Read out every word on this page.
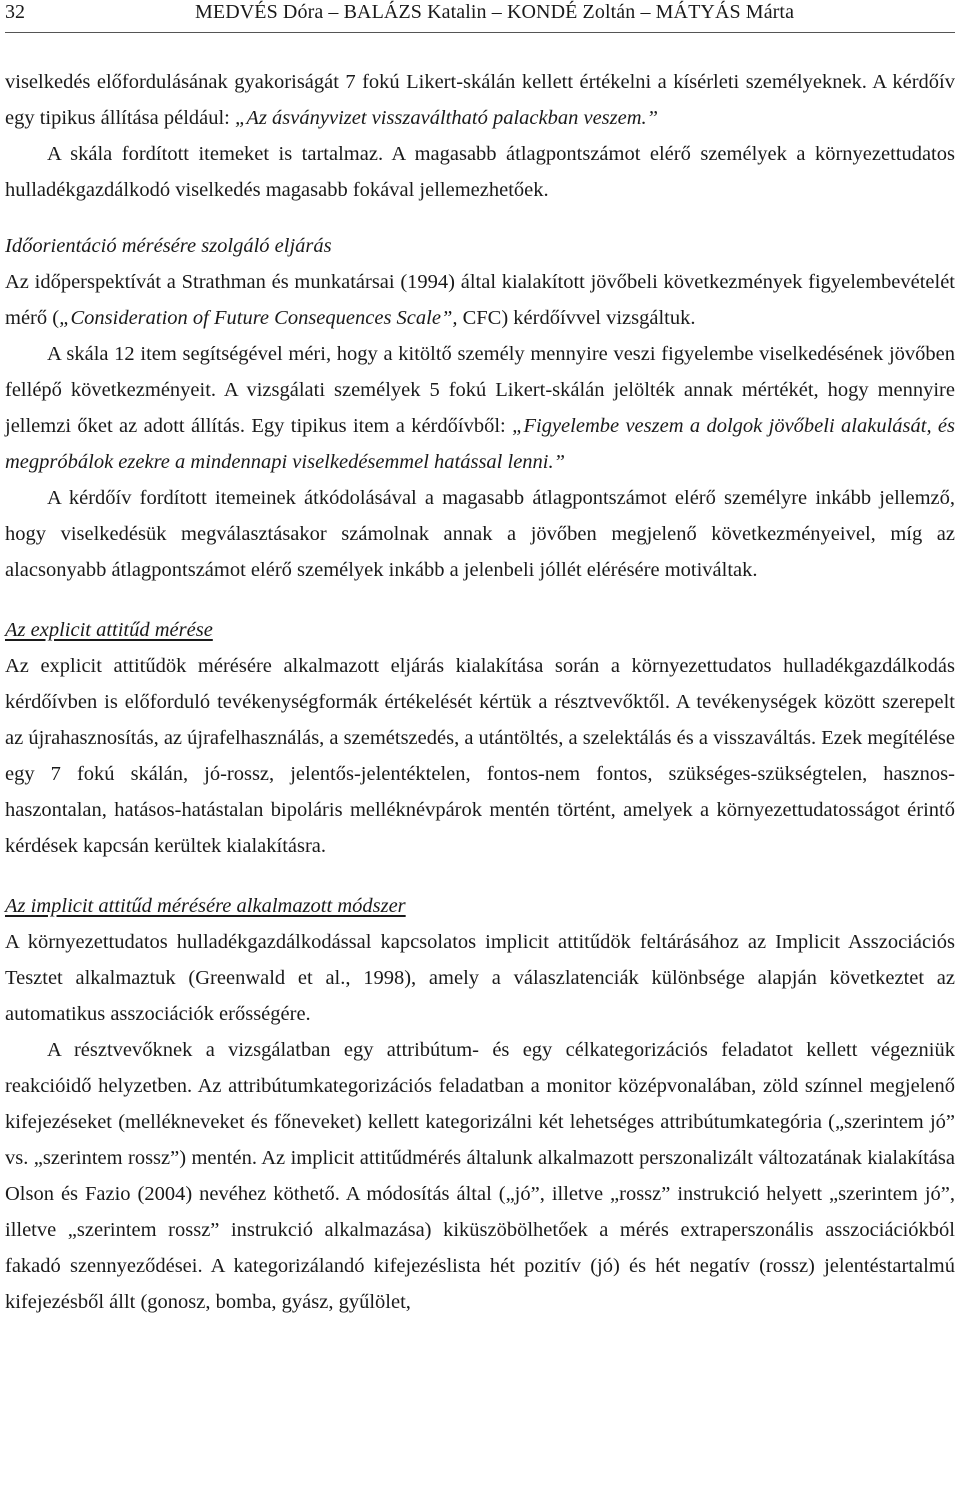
32	MEDVÉS Dóra – BALÁZS Katalin – KONDÉ Zoltán – MÁTYÁS Márta

viselkedés előfordulásának gyakoriságát 7 fokú Likert-skálán kellett értékelni a kísérleti személyeknek. A kérdőív egy tipikus állítása például: „Az ásványvizet visszaváltható palackban veszem.”

A skála fordított itemeket is tartalmaz. A magasabb átlagpontszámot elérő személyek a környezettudatos hulladékgazdálkodó viselkedés magasabb fokával jellemezhetőek.

Időorientáció mérésére szolgáló eljárás

Az időperspektívát a Strathman és munkatársai (1994) által kialakított jövőbeli következmények figyelembevételét mérő („Consideration of Future Consequences Scale”, CFC) kérdőívvel vizsgáltuk.

A skála 12 item segítségével méri, hogy a kitöltő személy mennyire veszi figyelembe viselkedésének jövőben fellépő következményeit. A vizsgálati személyek 5 fokú Likert-skálán jelölték annak mértékét, hogy mennyire jellemzi őket az adott állítás. Egy tipikus item a kérdőívből: „Figyelembe veszem a dolgok jövőbeli alakulását, és megpróbálok ezekre a mindennapi viselkedésemmel hatással lenni.”

A kérdőív fordított itemeinek átkódolásával a magasabb átlagpontszámot elérő személyre inkább jellemző, hogy viselkedésük megválasztásakor számolnak annak a jövőben megjelenő következményeivel, míg az alacsonyabb átlagpontszámot elérő személyek inkább a jelenbeli jóllét elérésére motiváltak.

Az explicit attitűd mérése

Az explicit attitűdök mérésére alkalmazott eljárás kialakítása során a környezettudatos hulladékgazdálkodás kérdőívben is előforduló tevékenységformák értékelését kértük a résztvevőktől. A tevékenységek között szerepelt az újrahasznosítás, az újrafelhasználás, a szemétszedés, a utántöltés, a szelektálás és a visszaváltás. Ezek megítélése egy 7 fokú skálán, jó-rossz, jelentős-jelentéktelen, fontos-nem fontos, szükséges-szükségtelen, hasznos-haszontalan, hatásos-hatástalan bipoláris melléknévpárok mentén történt, amelyek a környezettudatosságot érintő kérdések kapcsán kerültek kialakításra.

Az implicit attitűd mérésére alkalmazott módszer

A környezettudatos hulladékgazdálkodással kapcsolatos implicit attitűdök feltárásához az Implicit Asszociációs Tesztet alkalmaztuk (Greenwald et al., 1998), amely a válaszlatenciák különbsége alapján következtet az automatikus asszociációk erősségére.

A résztvevőknek a vizsgálatban egy attribútum- és egy célkategorizációs feladatot kellett végezniük reakcióidő helyzetben. Az attribútumkategorizációs feladatban a monitor középvonalában, zöld színnel megjelenő kifejezéseket (mellékneveket és főneveket) kellett kategorizálni két lehetséges attribútumkategória („szerintem jó” vs. „szerintem rossz”) mentén. Az implicit attitűdmérés általunk alkalmazott perszonalizált változatának kialakítása Olson és Fazio (2004) nevéhez köthető. A módosítás által („jó”, illetve „rossz” instrukció helyett „szerintem jó”, illetve „szerintem rossz” instrukció alkalmazása) kiküszöbölhetőek a mérés extraperszonális asszociációkból fakadó szennyeződései. A kategorizálandó kifejezéslista hét pozitív (jó) és hét negatív (rossz) jelentéstartalmú kifejezésből állt (gonosz, bomba, gyász, gyűlölet,
